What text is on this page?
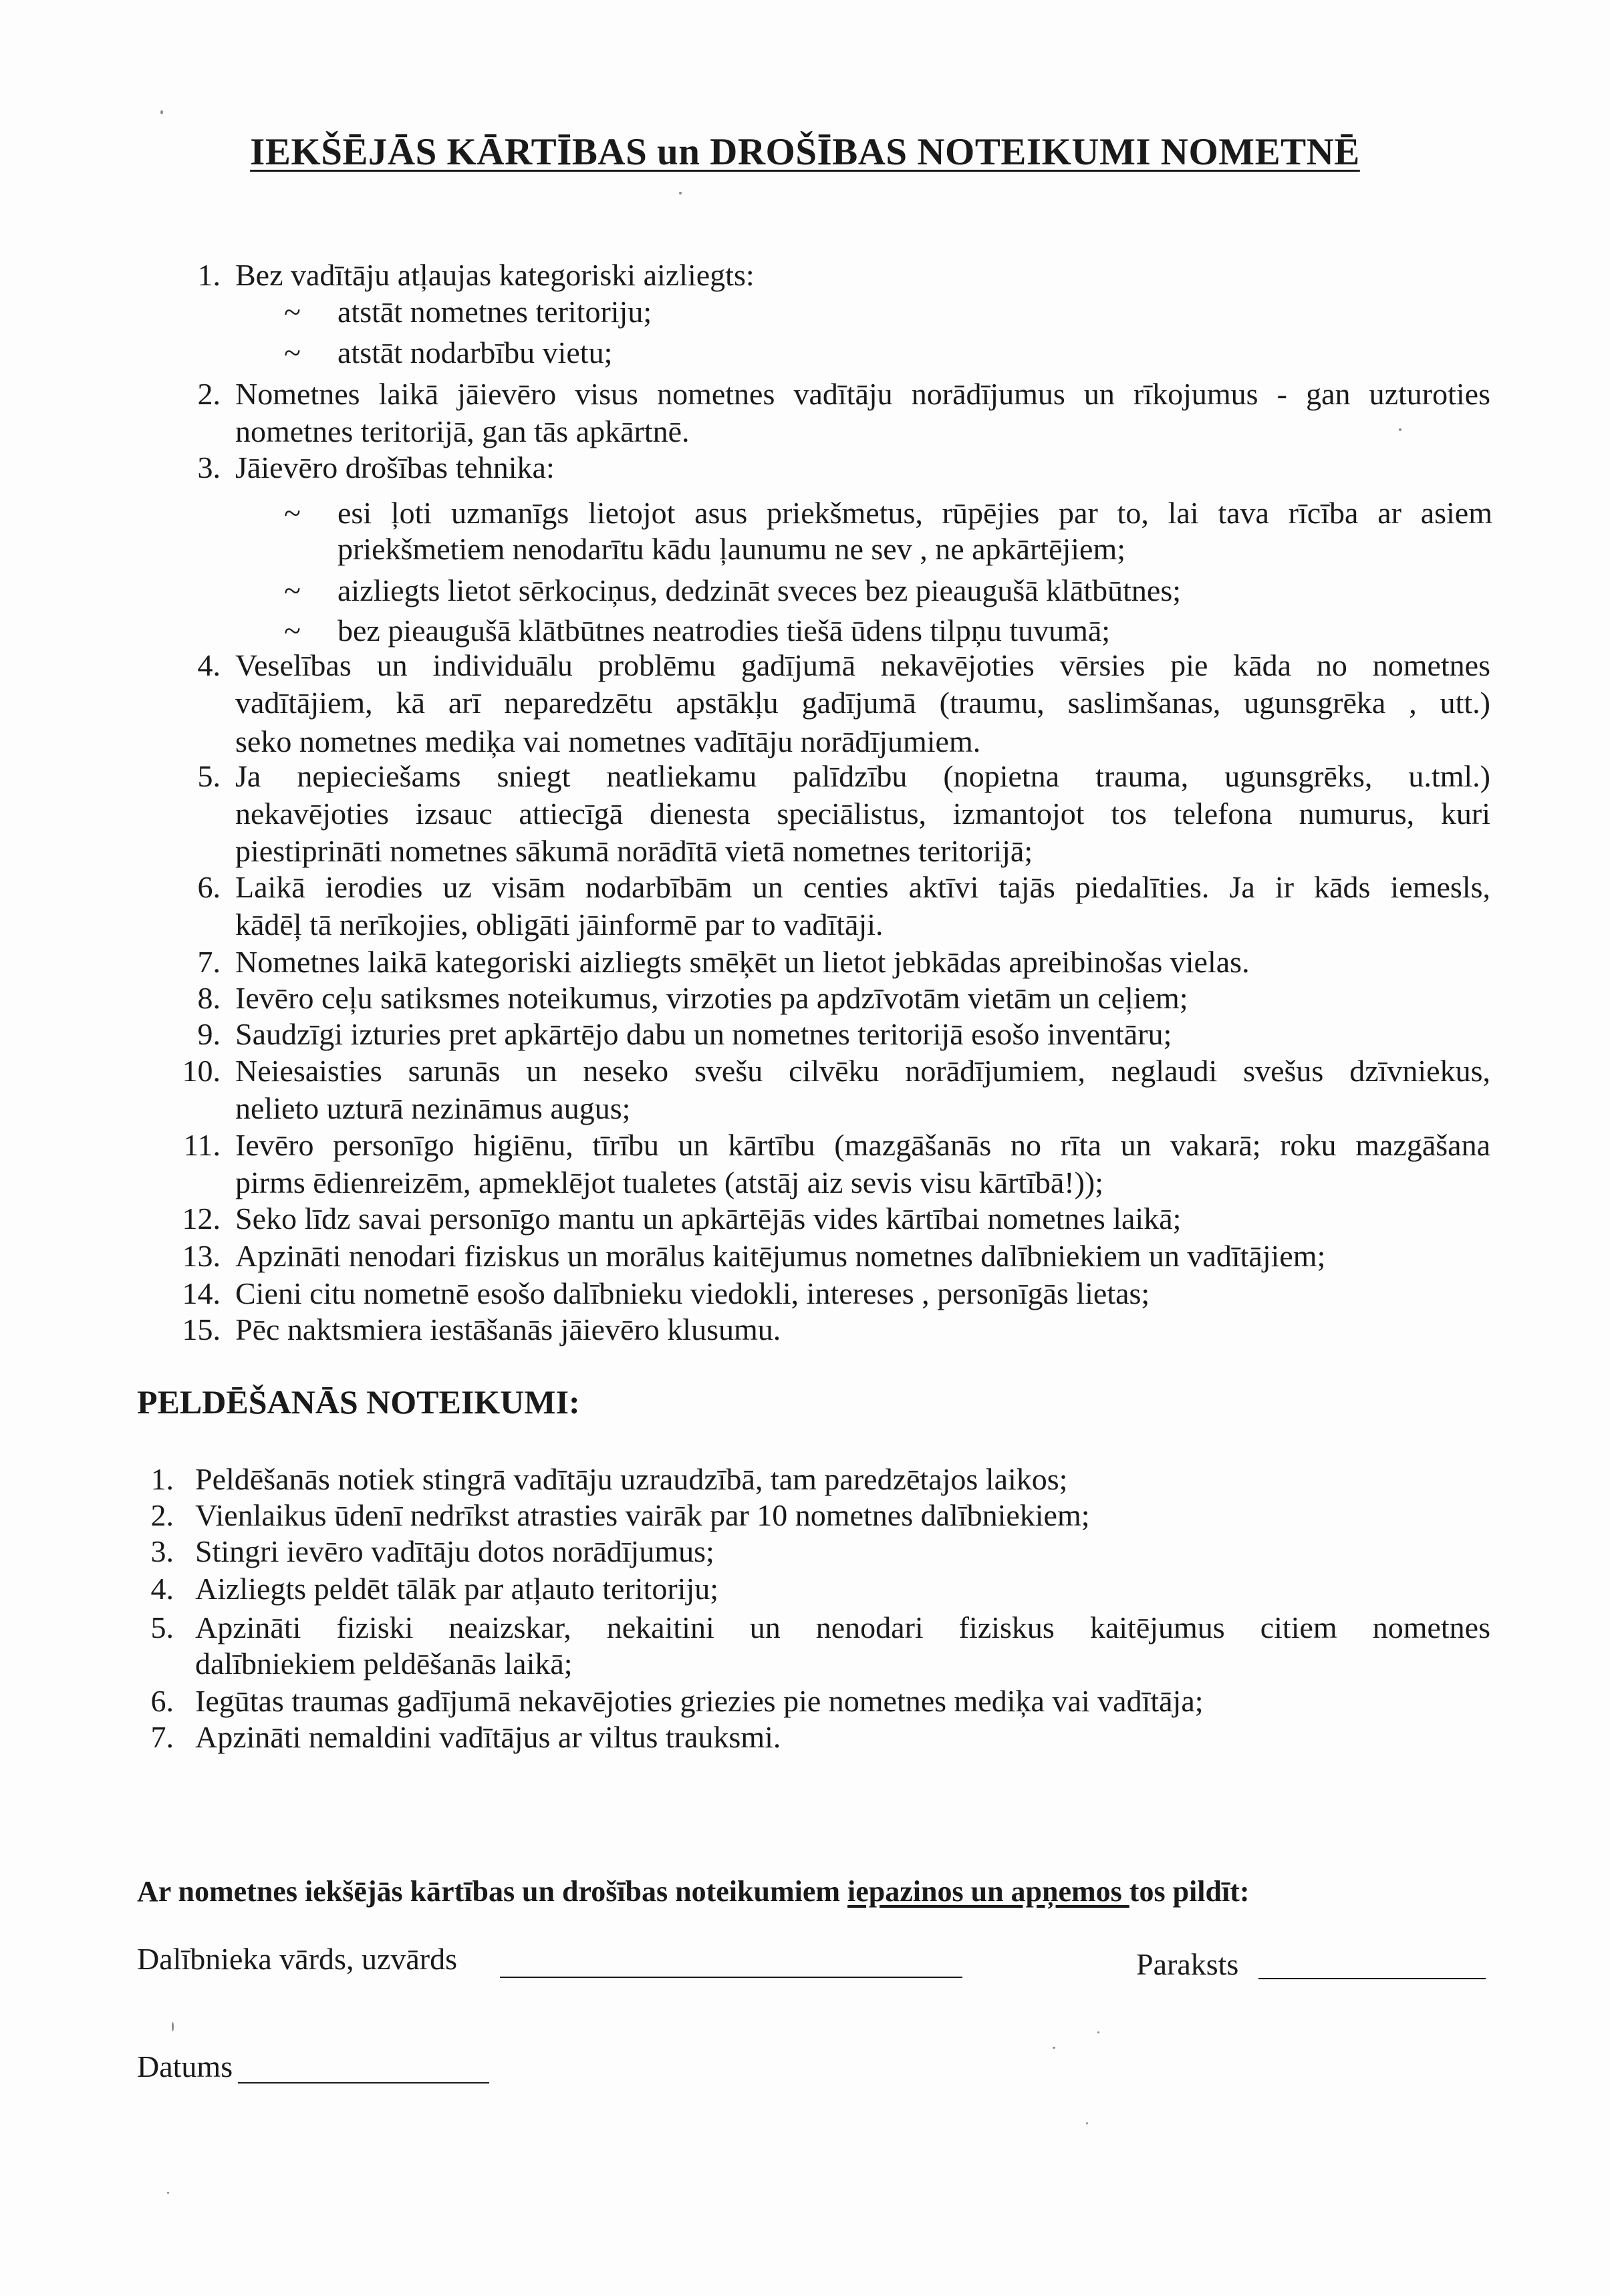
IEKŠĒJĀS KĀRTĪBAS un DROŠĪBAS NOTEIKUMI NOMETNĒ
1. Bez vadītāju atļaujas kategoriski aizliegts:
~ atstāt nometnes teritoriju;
~ atstāt nodarbību vietu;
2. Nometnes laikā jāievēro visus nometnes vadītāju norādījumus un rīkojumus - gan uzturoties
nometnes teritorijā, gan tās apkārtnē.
3. Jāievēro drošības tehnika:
~ esi ļoti uzmanīgs lietojot asus priekšmetus, rūpējies par to, lai tava rīcība ar asiem
priekšmetiem nenodarītu kādu ļaunumu ne sev , ne apkārtējiem;
~ aizliegts lietot sērkociņus, dedzināt sveces bez pieaugušā klātbūtnes;
~ bez pieaugušā klātbūtnes neatrodies tiešā ūdens tilpņu tuvumā;
4. Veselības un individuālu problēmu gadījumā nekavējoties vērsies pie kāda no nometnes
vadītājiem, kā arī neparedzētu apstākļu gadījumā (traumu, saslimšanas, ugunsgrēka , utt.)
seko nometnes mediķa vai nometnes vadītāju norādījumiem.
5. Ja nepieciešams sniegt neatliekamu palīdzību (nopietna trauma, ugunsgrēks, u.tml.)
nekavējoties izsauc attiecīgā dienesta speciālistus, izmantojot tos telefona numurus, kuri
piestiprināti nometnes sākumā norādītā vietā nometnes teritorijā;
6. Laikā ierodies uz visām nodarbībām un centies aktīvi tajās piedalīties. Ja ir kāds iemesls,
kādēļ tā nerīkojies, obligāti jāinformē par to vadītāji.
7. Nometnes laikā kategoriski aizliegts smēķēt un lietot jebkādas apreibinošas vielas.
8. Ievēro ceļu satiksmes noteikumus, virzoties pa apdzīvotām vietām un ceļiem;
9. Saudzīgi izturies pret apkārtējo dabu un nometnes teritorijā esošo inventāru;
10. Neiesaisties sarunās un neseko svešu cilvēku norādījumiem, neglaudi svešus dzīvniekus,
nelieto uzturā nezināmus augus;
11. Ievēro personīgo higiēnu, tīrību un kārtību (mazgāšanās no rīta un vakarā; roku mazgāšana
pirms ēdienreizēm, apmeklējot tualetes (atstāj aiz sevis visu kārtībā!));
12. Seko līdz savai personīgo mantu un apkārtējās vides kārtībai nometnes laikā;
13. Apzināti nenodari fiziskus un morālus kaitējumus nometnes dalībniekiem un vadītājiem;
14. Cieni citu nometnē esošo dalībnieku viedokli, intereses , personīgās lietas;
15. Pēc naktsmiera iestāšanās jāievēro klusumu.
PELDĒŠANĀS NOTEIKUMI:
1. Peldēšanās notiek stingrā vadītāju uzraudzībā, tam paredzētajos laikos;
2. Vienlaikus ūdenī nedrīkst atrasties vairāk par 10 nometnes dalībniekiem;
3. Stingri ievēro vadītāju dotos norādījumus;
4. Aizliegts peldēt tālāk par atļauto teritoriju;
5. Apzināti fiziski neaizskar, nekaitini un nenodari fiziskus kaitējumus citiem nometnes
dalībniekiem peldēšanās laikā;
6. Iegūtas traumas gadījumā nekavējoties griezies pie nometnes mediķa vai vadītāja;
7. Apzināti nemaldini vadītājus ar viltus trauksmi.
Ar nometnes iekšējās kārtības un drošības noteikumiem iepazinos un apņemos tos pildīt:
Dalībnieka vārds, uzvārds	Paraksts
Datums
